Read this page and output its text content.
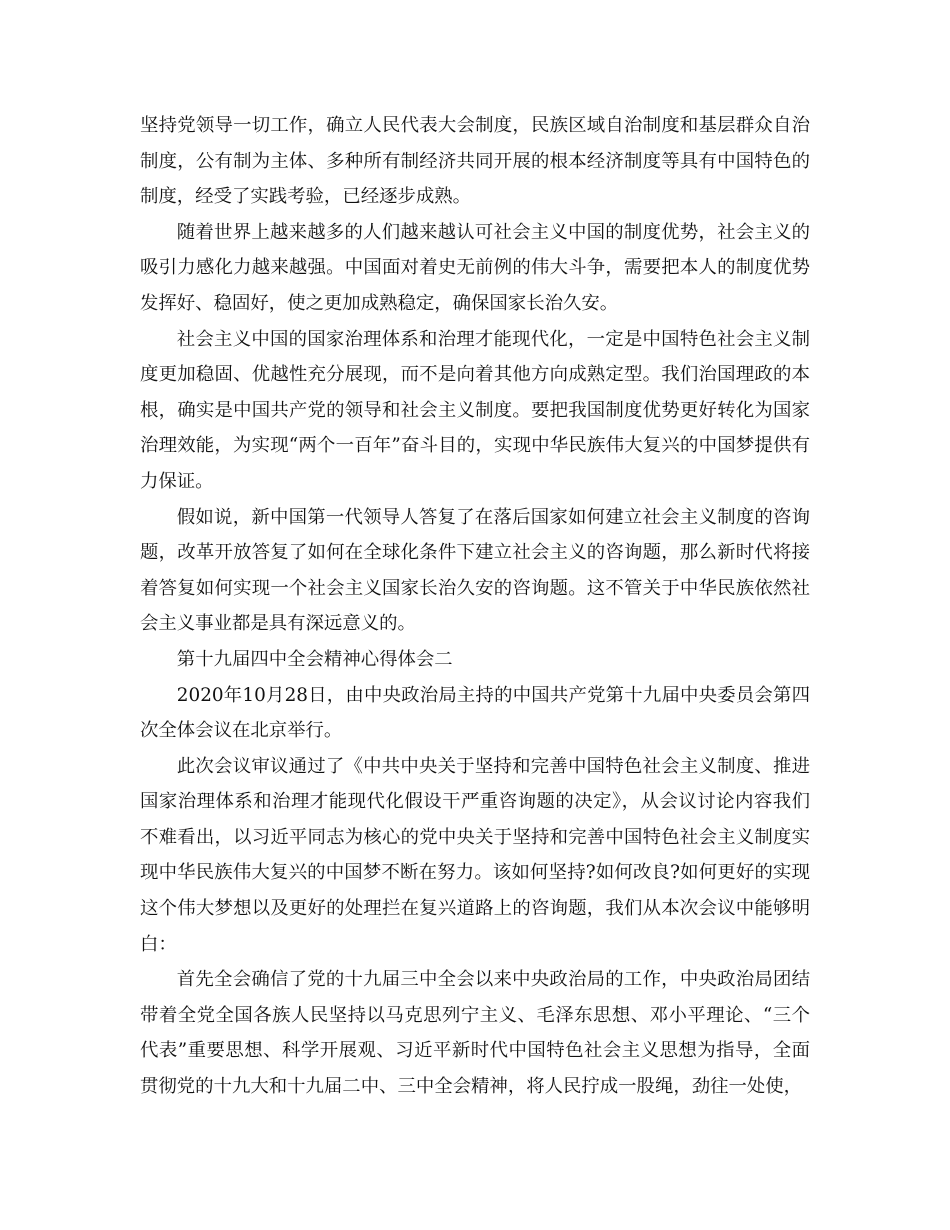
坚持党领导一切工作，确立人民代表大会制度，民族区域自治制度和基层群众自治制度，公有制为主体、多种所有制经济共同开展的根本经济制度等具有中国特色的制度，经受了实践考验，已经逐步成熟。

随着世界上越来越多的人们越来越认可社会主义中国的制度优势，社会主义的吸引力感化力越来越强。中国面对着史无前例的伟大斗争，需要把本人的制度优势发挥好、稳固好，使之更加成熟稳定，确保国家长治久安。

社会主义中国的国家治理体系和治理才能现代化，一定是中国特色社会主义制度更加稳固、优越性充分展现，而不是向着其他方向成熟定型。我们治国理政的本根，确实是中国共产党的领导和社会主义制度。要把我国制度优势更好转化为国家治理效能，为实现“两个一百年”奋斗目的，实现中华民族伟大复兴的中国梦提供有力保证。

假如说，新中国第一代领导人答复了在落后国家如何建立社会主义制度的咨询题，改革开放答复了如何在全球化条件下建立社会主义的咨询题，那么新时代将接着答复如何实现一个社会主义国家长治久安的咨询题。这不管关于中华民族依然社会主义事业都是具有深远意义的。

第十九届四中全会精神心得体会二

2020年10月28日，由中央政治局主持的中国共产党第十九届中央委员会第四次全体会议在北京举行。

此次会议审议通过了《中共中央关于坚持和完善中国特色社会主义制度、推进国家治理体系和治理才能现代化假设干严重咨询题的决定》，从会议讨论内容我们不难看出，以习近平同志为核心的党中央关于坚持和完善中国特色社会主义制度实现中华民族伟大复兴的中国梦不断在努力。该如何坚持?如何改良?如何更好的实现这个伟大梦想以及更好的处理拦在复兴道路上的咨询题，我们从本次会议中能够明白：

首先全会确信了党的十九届三中全会以来中央政治局的工作，中央政治局团结带着全党全国各族人民坚持以马克思列宁主义、毛泽东思想、邓小平理论、“三个代表”重要思想、科学开展观、习近平新时代中国特色社会主义思想为指导，全面贯彻党的十九大和十九届二中、三中全会精神，将人民拧成一股绳，劲往一处使，
